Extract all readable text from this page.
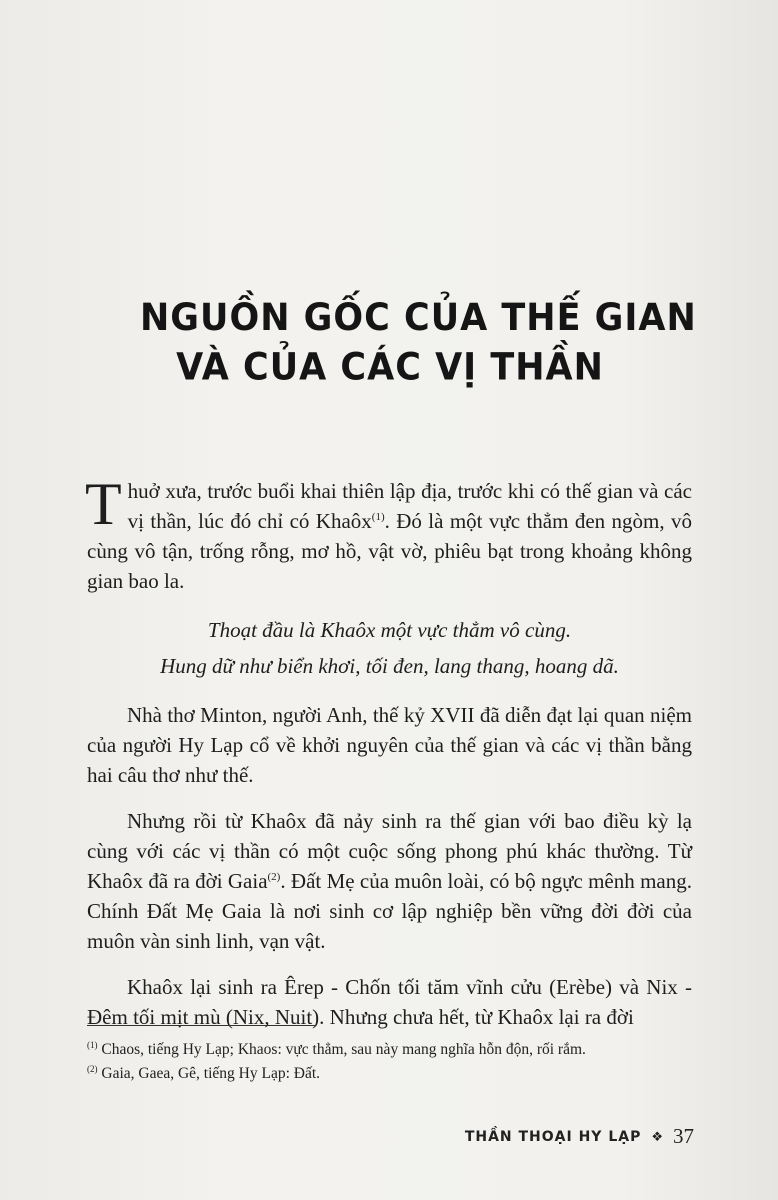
NGUỒN GỐC CỦA THẾ GIAN
VÀ CỦA CÁC VỊ THẦN

Thuở xưa, trước buổi khai thiên lập địa, trước khi có thế gian và các vị thần, lúc đó chỉ có Khaôx$^{(1)}$. Đó là một vực thẳm đen ngòm, vô cùng vô tận, trống rỗng, mơ hồ, vật vờ, phiêu bạt trong khoảng không gian bao la.

Thoạt đầu là Khaôx một vực thẳm vô cùng.
Hung dữ như biển khơi, tối đen, lang thang, hoang dã.

Nhà thơ Minton, người Anh, thế kỷ XVII đã diễn đạt lại quan niệm của người Hy Lạp cổ về khởi nguyên của thế gian và các vị thần bằng hai câu thơ như thế.

Nhưng rồi từ Khaôx đã nảy sinh ra thế gian với bao điều kỳ lạ cùng với các vị thần có một cuộc sống phong phú khác thường. Từ Khaôx đã ra đời Gaia$^{(2)}$. Đất Mẹ của muôn loài, có bộ ngực mênh mang. Chính Đất Mẹ Gaia là nơi sinh cơ lập nghiệp bền vững đời đời của muôn vàn sinh linh, vạn vật.

Khaôx lại sinh ra Êrep - Chốn tối tăm vĩnh cửu (Erèbe) và Nix - Đêm tối mịt mù (Nix, Nuit). Nhưng chưa hết, từ Khaôx lại ra đời

$^{(1)}$ Chaos, tiếng Hy Lạp; Khaos: vực thẳm, sau này mang nghĩa hỗn độn, rối rắm.
$^{(2)}$ Gaia, Gaea, Gê, tiếng Hy Lạp: Đất.
THẦN THOẠI HY LẠP ❖ 37
